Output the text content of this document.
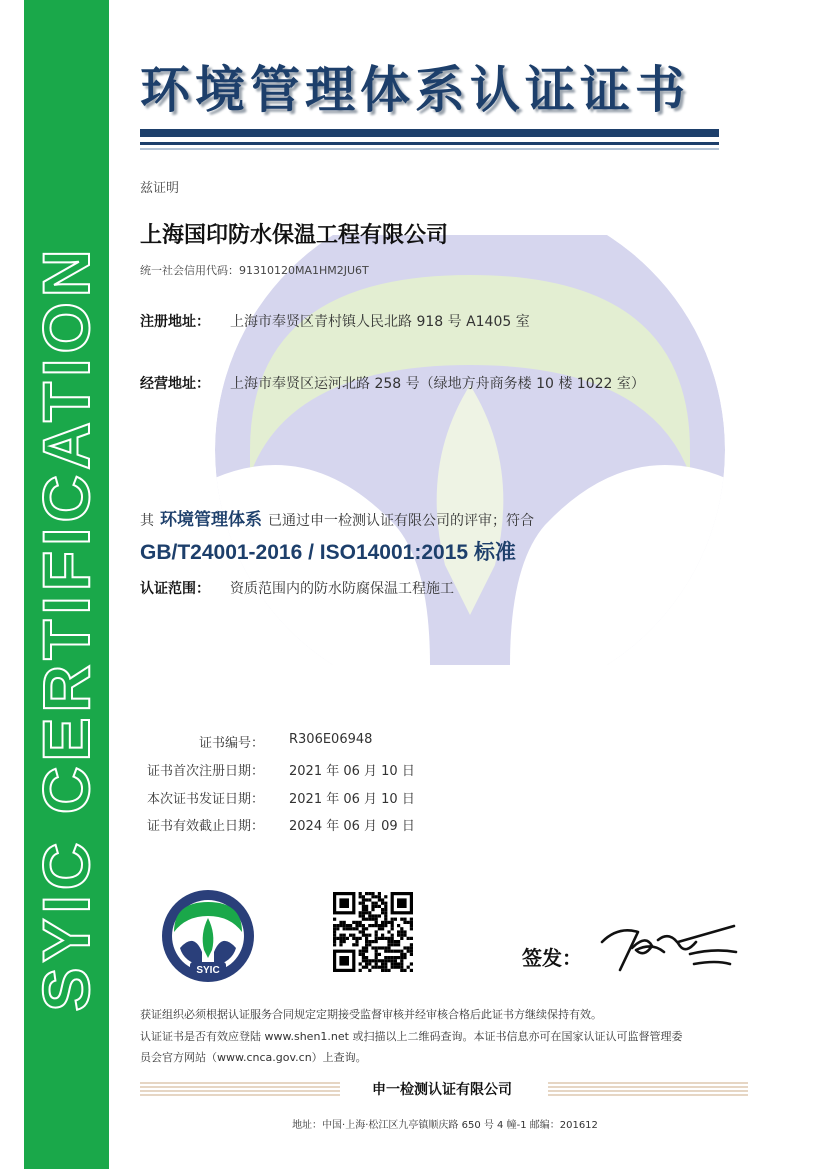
SYIC CERTIFICATION
环境管理体系认证证书
兹证明
上海国印防水保温工程有限公司
统一社会信用代码：91310120MA1HM2JU6T
注册地址： 上海市奉贤区青村镇人民北路 918 号 A1405 室
经营地址： 上海市奉贤区运河北路 258 号（绿地方舟商务楼 10 楼 1022 室）
其 环境管理体系 已通过申一检测认证有限公司的评审；符合
GB/T24001-2016 / ISO14001:2015 标准
认证范围： 资质范围内的防水防腐保温工程施工
证书编号： R306E06948
证书首次注册日期： 2021 年 06 月 10 日
本次证书发证日期： 2021 年 06 月 10 日
证书有效截止日期： 2024 年 06 月 09 日
SYIC
签发：
获证组织必须根据认证服务合同规定定期接受监督审核并经审核合格后此证书方继续保持有效。
认证证书是否有效应登陆 www.shen1.net 或扫描以上二维码查询。本证书信息亦可在国家认证认可监督管理委
员会官方网站（www.cnca.gov.cn）上查询。
申一检测认证有限公司
地址：中国·上海·松江区九亭镇顺庆路 650 号 4 幢-1 邮编：201612
